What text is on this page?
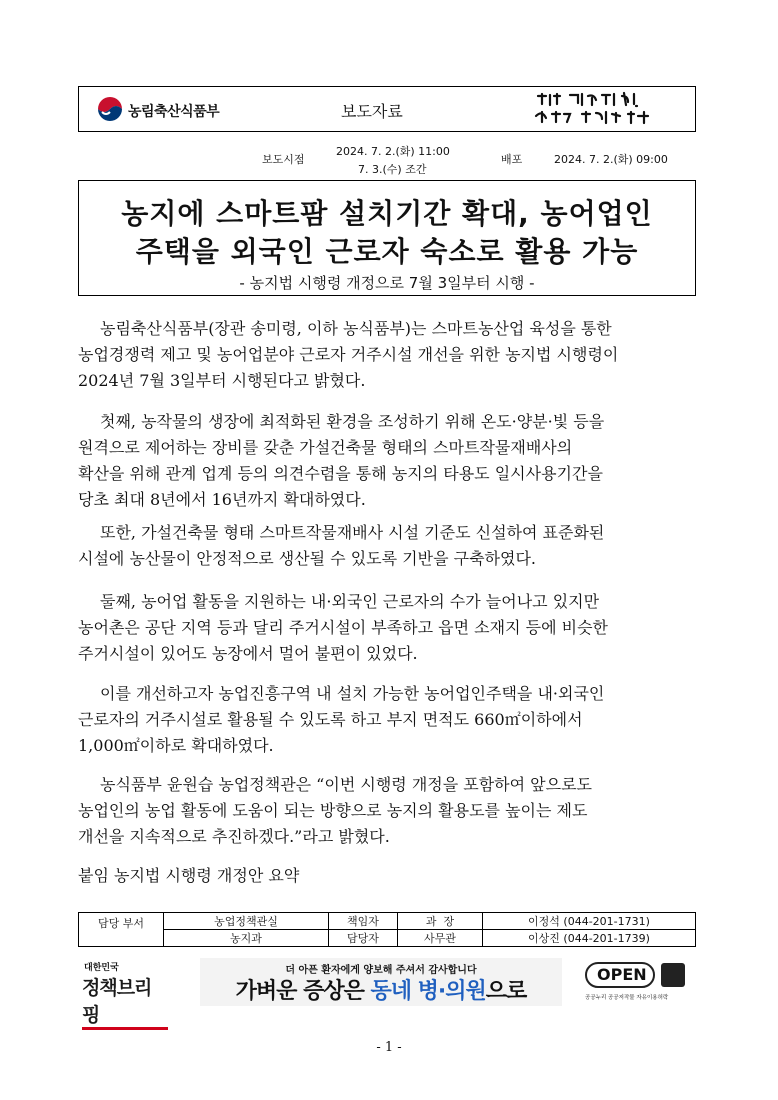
농림축산식품부	보도자료
보도시점
2024. 7. 2.(화) 11:00
7. 3.(수) 조간
배포	2024. 7. 2.(화) 09:00
농지에 스마트팜 설치기간 확대, 농어업인
주택을 외국인 근로자 숙소로 활용 가능
- 농지법 시행령 개정으로 7월 3일부터 시행 -
농림축산식품부(장관 송미령, 이하 농식품부)는 스마트농산업 육성을 통한
농업경쟁력 제고 및 농어업분야 근로자 거주시설 개선을 위한 농지법 시행령이
2024년 7월 3일부터 시행된다고 밝혔다.
첫째, 농작물의 생장에 최적화된 환경을 조성하기 위해 온도·양분·빛 등을
원격으로 제어하는 장비를 갖춘 가설건축물 형태의 스마트작물재배사의
확산을 위해 관계 업계 등의 의견수렴을 통해 농지의 타용도 일시사용기간을
당초 최대 8년에서 16년까지 확대하였다.
또한, 가설건축물 형태 스마트작물재배사 시설 기준도 신설하여 표준화된
시설에 농산물이 안정적으로 생산될 수 있도록 기반을 구축하였다.
둘째, 농어업 활동을 지원하는 내·외국인 근로자의 수가 늘어나고 있지만
농어촌은 공단 지역 등과 달리 주거시설이 부족하고 읍면 소재지 등에 비슷한
주거시설이 있어도 농장에서 멀어 불편이 있었다.
이를 개선하고자 농업진흥구역 내 설치 가능한 농어업인주택을 내·외국인
근로자의 거주시설로 활용될 수 있도록 하고 부지 면적도 660㎡이하에서
1,000㎡이하로 확대하였다.
농식품부 윤원습 농업정책관은 “이번 시행령 개정을 포함하여 앞으로도
농업인의 농업 활동에 도움이 되는 방향으로 농지의 활용도를 높이는 제도
개선을 지속적으로 추진하겠다.”라고 밝혔다.
붙임 농지법 시행령 개정안 요약
담당 부서	농업정책관실	책임자	과  장	이정석 (044-201-1731)
	농지과	담당자	사무관	이상진 (044-201-1739)
대한민국
정책브리핑
더 아픈 환자에게 양보해 주셔서 감사합니다
가벼운 증상은 동네 병·의원으로
OPEN
공공누리 공공저작물 자유이용허락
- 1 -
